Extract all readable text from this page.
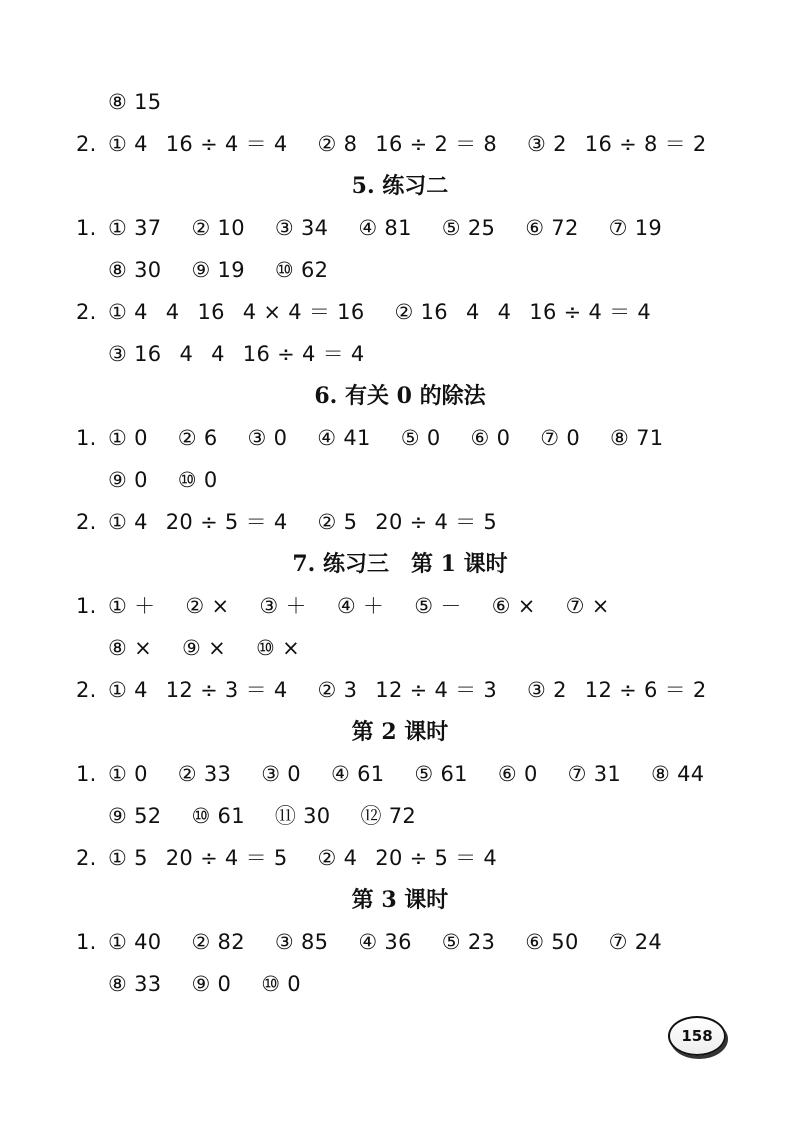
⑧ 15
2. ① 4 16 ÷ 4 ＝ 4 ② 8 16 ÷ 2 ＝ 8 ③ 2 16 ÷ 8 ＝ 2
5. 练习二
1. ① 37 ② 10 ③ 34 ④ 81 ⑤ 25 ⑥ 72 ⑦ 19
⑧ 30 ⑨ 19 ⑩ 62
2. ① 4 4 16 4 × 4 ＝ 16 ② 16 4 4 16 ÷ 4 ＝ 4
③ 16 4 4 16 ÷ 4 ＝ 4
6. 有关 0 的除法
1. ① 0 ② 6 ③ 0 ④ 41 ⑤ 0 ⑥ 0 ⑦ 0 ⑧ 71
⑨ 0 ⑩ 0
2. ① 4 20 ÷ 5 ＝ 4 ② 5 20 ÷ 4 ＝ 5
7. 练习三　第 1 课时
1. ① ＋ ② × ③ ＋ ④ ＋ ⑤ － ⑥ × ⑦ ×
⑧ × ⑨ × ⑩ ×
2. ① 4 12 ÷ 3 ＝ 4 ② 3 12 ÷ 4 ＝ 3 ③ 2 12 ÷ 6 ＝ 2
第 2 课时
1. ① 0 ② 33 ③ 0 ④ 61 ⑤ 61 ⑥ 0 ⑦ 31 ⑧ 44
⑨ 52 ⑩ 61 ⑪ 30 ⑫ 72
2. ① 5 20 ÷ 4 ＝ 5 ② 4 20 ÷ 5 ＝ 4
第 3 课时
1. ① 40 ② 82 ③ 85 ④ 36 ⑤ 23 ⑥ 50 ⑦ 24
⑧ 33 ⑨ 0 ⑩ 0
158
